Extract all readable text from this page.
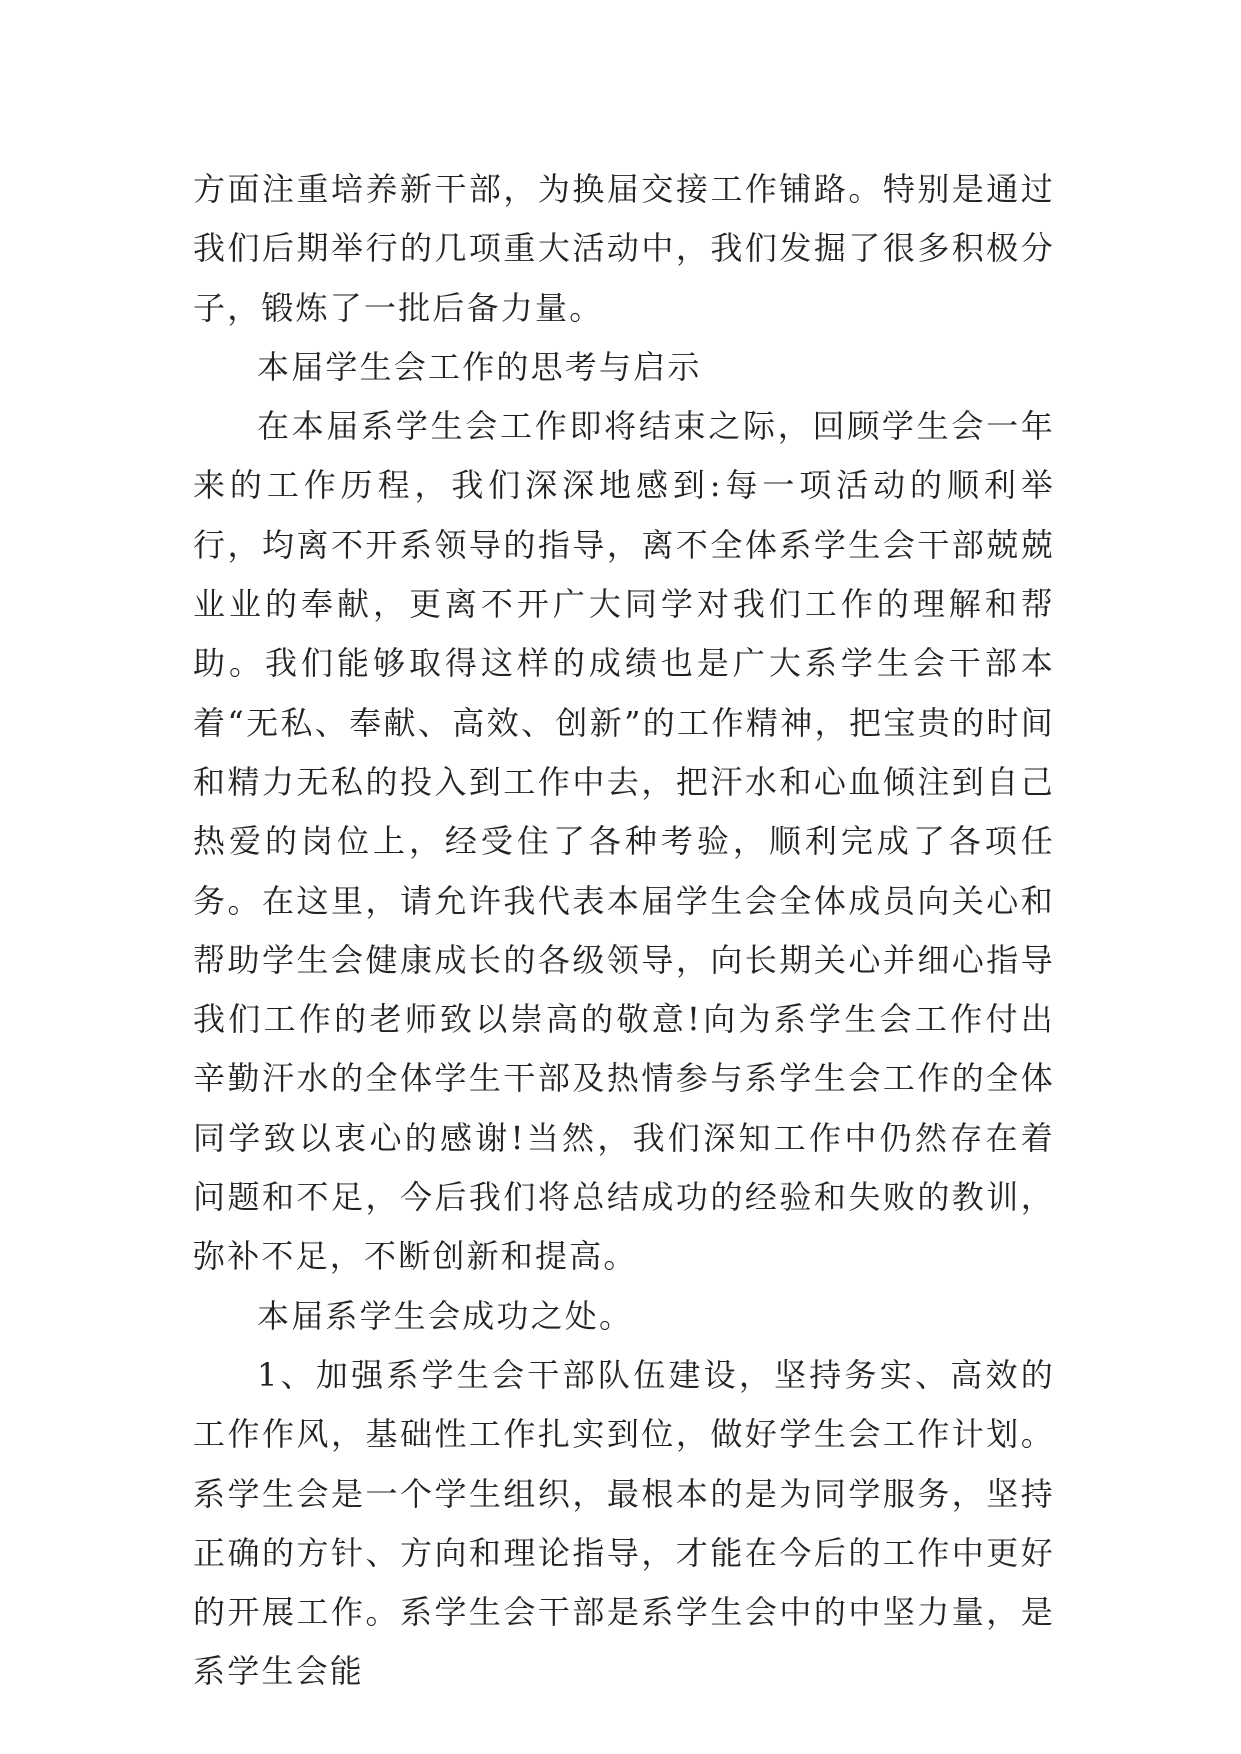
方面注重培养新干部，为换届交接工作铺路。特别是通过我们后期举行的几项重大活动中，我们发掘了很多积极分子，锻炼了一批后备力量。

本届学生会工作的思考与启示

在本届系学生会工作即将结束之际，回顾学生会一年来的工作历程，我们深深地感到:每一项活动的顺利举行，均离不开系领导的指导，离不全体系学生会干部兢兢业业的奉献，更离不开广大同学对我们工作的理解和帮助。我们能够取得这样的成绩也是广大系学生会干部本着“无私、奉献、高效、创新”的工作精神，把宝贵的时间和精力无私的投入到工作中去，把汗水和心血倾注到自己热爱的岗位上，经受住了各种考验，顺利完成了各项任务。在这里，请允许我代表本届学生会全体成员向关心和帮助学生会健康成长的各级领导，向长期关心并细心指导我们工作的老师致以崇高的敬意!向为系学生会工作付出辛勤汗水的全体学生干部及热情参与系学生会工作的全体同学致以衷心的感谢!当然，我们深知工作中仍然存在着问题和不足，今后我们将总结成功的经验和失败的教训，弥补不足，不断创新和提高。

本届系学生会成功之处。

1、加强系学生会干部队伍建设，坚持务实、高效的工作作风，基础性工作扎实到位，做好学生会工作计划。系学生会是一个学生组织，最根本的是为同学服务，坚持正确的方针、方向和理论指导，才能在今后的工作中更好的开展工作。系学生会干部是系学生会中的中坚力量，是系学生会能
